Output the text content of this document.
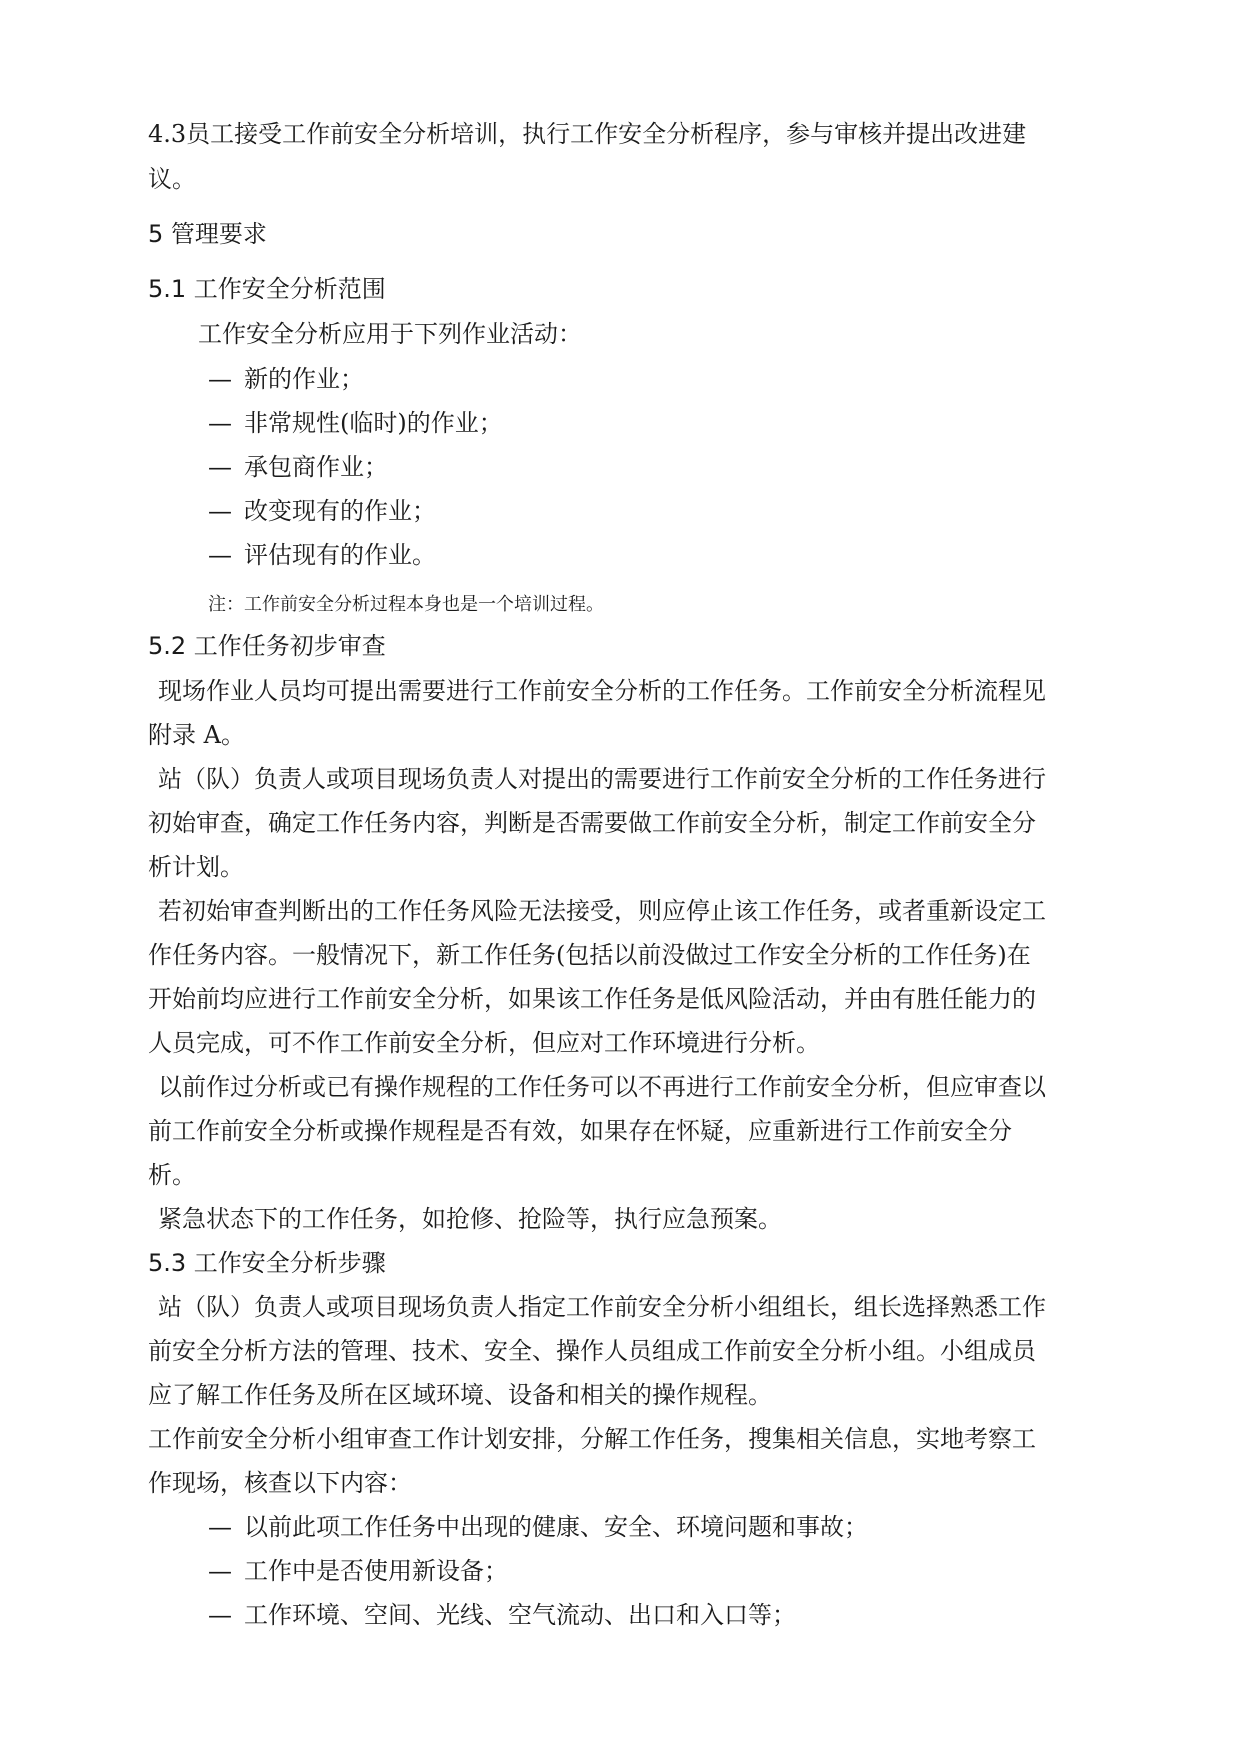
4.3员工接受工作前安全分析培训，执行工作安全分析程序，参与审核并提出改进建
议。
5 管理要求
5.1 工作安全分析范围
工作安全分析应用于下列作业活动：
— 新的作业；
— 非常规性(临时)的作业；
— 承包商作业；
— 改变现有的作业；
— 评估现有的作业。
注：工作前安全分析过程本身也是一个培训过程。
5.2 工作任务初步审查
现场作业人员均可提出需要进行工作前安全分析的工作任务。工作前安全分析流程见
附录 A。
站（队）负责人或项目现场负责人对提出的需要进行工作前安全分析的工作任务进行
初始审查，确定工作任务内容，判断是否需要做工作前安全分析，制定工作前安全分
析计划。
若初始审查判断出的工作任务风险无法接受，则应停止该工作任务，或者重新设定工
作任务内容。一般情况下，新工作任务(包括以前没做过工作安全分析的工作任务)在
开始前均应进行工作前安全分析，如果该工作任务是低风险活动，并由有胜任能力的
人员完成，可不作工作前安全分析，但应对工作环境进行分析。
以前作过分析或已有操作规程的工作任务可以不再进行工作前安全分析，但应审查以
前工作前安全分析或操作规程是否有效，如果存在怀疑，应重新进行工作前安全分
析。
紧急状态下的工作任务，如抢修、抢险等，执行应急预案。
5.3 工作安全分析步骤
站（队）负责人或项目现场负责人指定工作前安全分析小组组长，组长选择熟悉工作
前安全分析方法的管理、技术、安全、操作人员组成工作前安全分析小组。小组成员
应了解工作任务及所在区域环境、设备和相关的操作规程。
工作前安全分析小组审查工作计划安排，分解工作任务，搜集相关信息，实地考察工
作现场，核查以下内容：
— 以前此项工作任务中出现的健康、安全、环境问题和事故；
— 工作中是否使用新设备；
— 工作环境、空间、光线、空气流动、出口和入口等；
